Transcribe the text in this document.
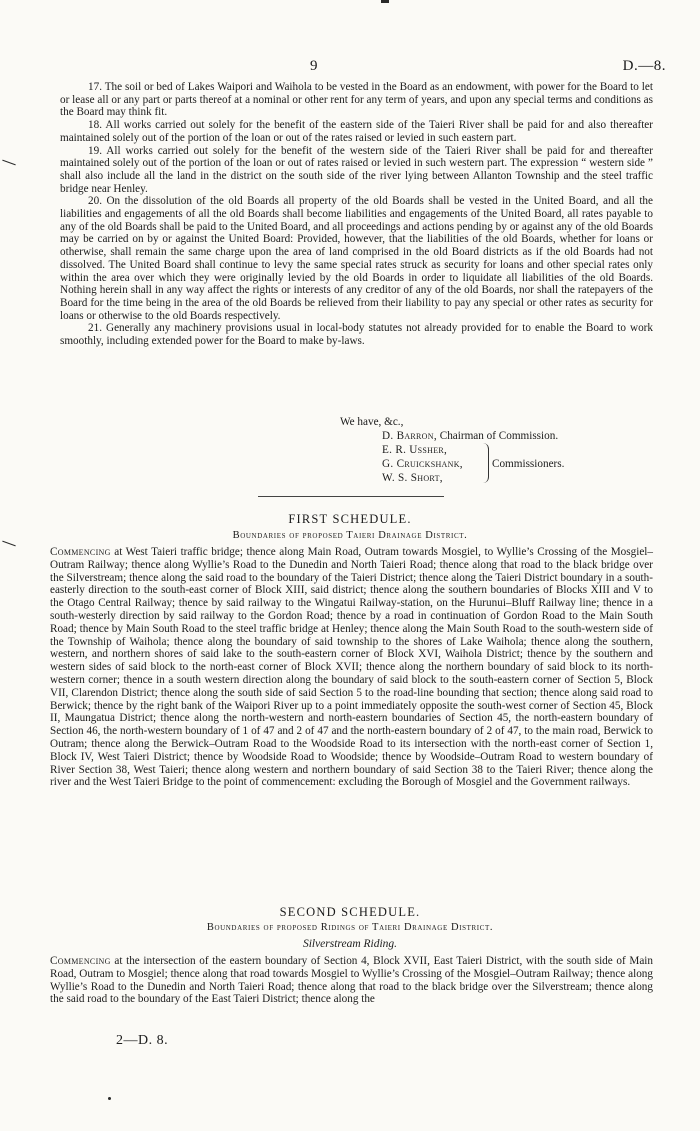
9	D.—8.

17. The soil or bed of Lakes Waipori and Waihola to be vested in the Board as an endowment, with power for the Board to let or lease all or any part or parts thereof at a nominal or other rent for any term of years, and upon any special terms and conditions as the Board may think fit.

18. All works carried out solely for the benefit of the eastern side of the Taieri River shall be paid for and also thereafter maintained solely out of the portion of the loan or out of the rates raised or levied in such eastern part.

19. All works carried out solely for the benefit of the western side of the Taieri River shall be paid for and thereafter maintained solely out of the portion of the loan or out of rates raised or levied in such western part. The expression “ western side ” shall also include all the land in the district on the south side of the river lying between Allanton Township and the steel traffic bridge near Henley.

20. On the dissolution of the old Boards all property of the old Boards shall be vested in the United Board, and all the liabilities and engagements of all the old Boards shall become liabilities and engagements of the United Board, all rates payable to any of the old Boards shall be paid to the United Board, and all proceedings and actions pending by or against any of the old Boards may be carried on by or against the United Board: Provided, however, that the liabilities of the old Boards, whether for loans or otherwise, shall remain the same charge upon the area of land comprised in the old Board districts as if the old Boards had not dissolved. The United Board shall continue to levy the same special rates struck as security for loans and other special rates only within the area over which they were originally levied by the old Boards in order to liquidate all liabilities of the old Boards. Nothing herein shall in any way affect the rights or interests of any creditor of any of the old Boards, nor shall the ratepayers of the Board for the time being in the area of the old Boards be relieved from their liability to pay any special or other rates as security for loans or otherwise to the old Boards respectively.

21. Generally any machinery provisions usual in local-body statutes not already provided for to enable the Board to work smoothly, including extended power for the Board to make by-laws.

We have, &c.,
D. Barron, Chairman of Commission.
E. R. Ussher,
G. Cruickshank,
W. S. Short,
Commissioners.
FIRST SCHEDULE.
Boundaries of proposed Taieri Drainage District.

Commencing at West Taieri traffic bridge; thence along Main Road, Outram towards Mosgiel, to Wyllie’s Crossing of the Mosgiel–Outram Railway; thence along Wyllie’s Road to the Dunedin and North Taieri Road; thence along that road to the black bridge over the Silverstream; thence along the said road to the boundary of the Taieri District; thence along the Taieri District boundary in a south-easterly direction to the south-east corner of Block XIII, said district; thence along the southern boundaries of Blocks XIII and V to the Otago Central Railway; thence by said railway to the Wingatui Railway-station, on the Hurunui–Bluff Railway line; thence in a south-westerly direction by said railway to the Gordon Road; thence by a road in continuation of Gordon Road to the Main South Road; thence by Main South Road to the steel traffic bridge at Henley; thence along the Main South Road to the south-western side of the Township of Waihola; thence along the boundary of said township to the shores of Lake Waihola; thence along the southern, western, and northern shores of said lake to the south-eastern corner of Block XVI, Waihola District; thence by the southern and western sides of said block to the north-east corner of Block XVII; thence along the northern boundary of said block to its north-western corner; thence in a south western direction along the boundary of said block to the south-eastern corner of Section 5, Block VII, Clarendon District; thence along the south side of said Section 5 to the road-line bounding that section; thence along said road to Berwick; thence by the right bank of the Waipori River up to a point immediately opposite the south-west corner of Section 45, Block II, Maungatua District; thence along the north-western and north-eastern boundaries of Section 45, the north-eastern boundary of Section 46, the north-western boundary of 1 of 47 and 2 of 47 and the north-eastern boundary of 2 of 47, to the main road, Berwick to Outram; thence along the Berwick–Outram Road to the Woodside Road to its intersection with the north-east corner of Section 1, Block IV, West Taieri District; thence by Woodside Road to Woodside; thence by Woodside–Outram Road to western boundary of River Section 38, West Taieri; thence along western and northern boundary of said Section 38 to the Taieri River; thence along the river and the West Taieri Bridge to the point of commencement: excluding the Borough of Mosgiel and the Government railways.

SECOND SCHEDULE.
Boundaries of proposed Ridings of Taieri Drainage District.
Silverstream Riding.

Commencing at the intersection of the eastern boundary of Section 4, Block XVII, East Taieri District, with the south side of Main Road, Outram to Mosgiel; thence along that road towards Mosgiel to Wyllie’s Crossing of the Mosgiel–Outram Railway; thence along Wyllie’s Road to the Dunedin and North Taieri Road; thence along that road to the black bridge over the Silverstream; thence along the said road to the boundary of the East Taieri District; thence along the

2—D. 8.
